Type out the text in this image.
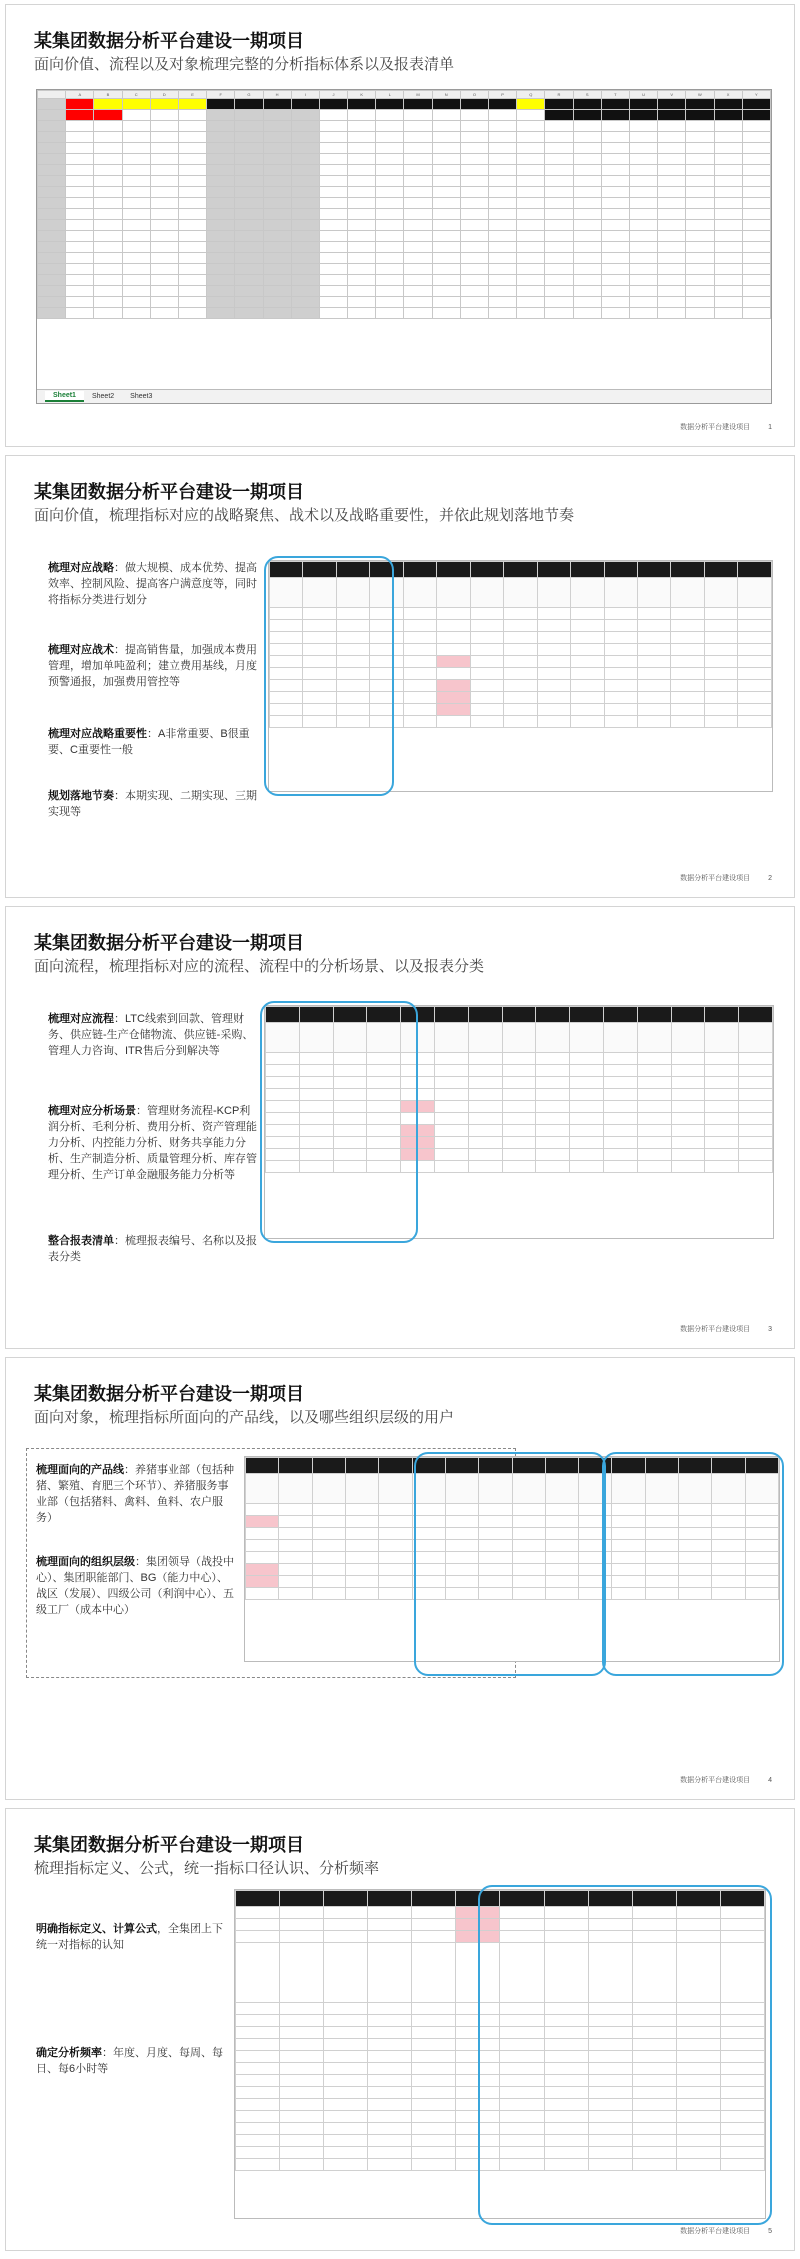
某集团数据分析平台建设一期项目
面向价值、流程以及对象梳理完整的分析指标体系以及报表清单
	A	B	C	D	E	F	G	H	I	J	K	L	M	N	O	P	Q	R	S	T	U	V	W	X	Y

Sheet1	Sheet2	Sheet3
数据分析平台建设项目	1
某集团数据分析平台建设一期项目
面向价值，梳理指标对应的战略聚焦、战术以及战略重要性，并依此规划落地节奏
梳理对应战略：做大规模、成本优势、提高效率、控制风险、提高客户满意度等，同时将指标分类进行划分
梳理对应战术：提高销售量，加强成本费用管理，增加单吨盈利；建立费用基线，月度预警通报，加强费用管控等
梳理对应战略重要性：A非常重要、B很重要、C重要性一般
规划落地节奏：本期实现、二期实现、三期实现等

数据分析平台建设项目	2
某集团数据分析平台建设一期项目
面向流程，梳理指标对应的流程、流程中的分析场景、以及报表分类
梳理对应流程：LTC线索到回款、管理财务、供应链-生产仓储物流、供应链-采购、管理人力咨询、ITR售后分到解决等
梳理对应分析场景：管理财务流程-KCP利润分析、毛利分析、费用分析、资产管理能力分析、内控能力分析、财务共享能力分析、生产制造分析、质量管理分析、库存管理分析、生产订单金融服务能力分析等
整合报表清单：梳理报表编号、名称以及报表分类

数据分析平台建设项目	3
某集团数据分析平台建设一期项目
面向对象，梳理指标所面向的产品线，以及哪些组织层级的用户
梳理面向的产品线：养猪事业部（包括种猪、繁殖、育肥三个环节）、养猪服务事业部（包括猪料、禽料、鱼料、农户服务）
梳理面向的组织层级：集团领导（战投中心）、集团职能部门、BG（能力中心）、战区（发展）、四级公司（利润中心）、五级工厂（成本中心）

数据分析平台建设项目	4
某集团数据分析平台建设一期项目
梳理指标定义、公式，统一指标口径认识、分析频率
明确指标定义、计算公式，全集团上下统一对指标的认知
确定分析频率：年度、月度、每周、每日、每6小时等

数据分析平台建设项目	5
